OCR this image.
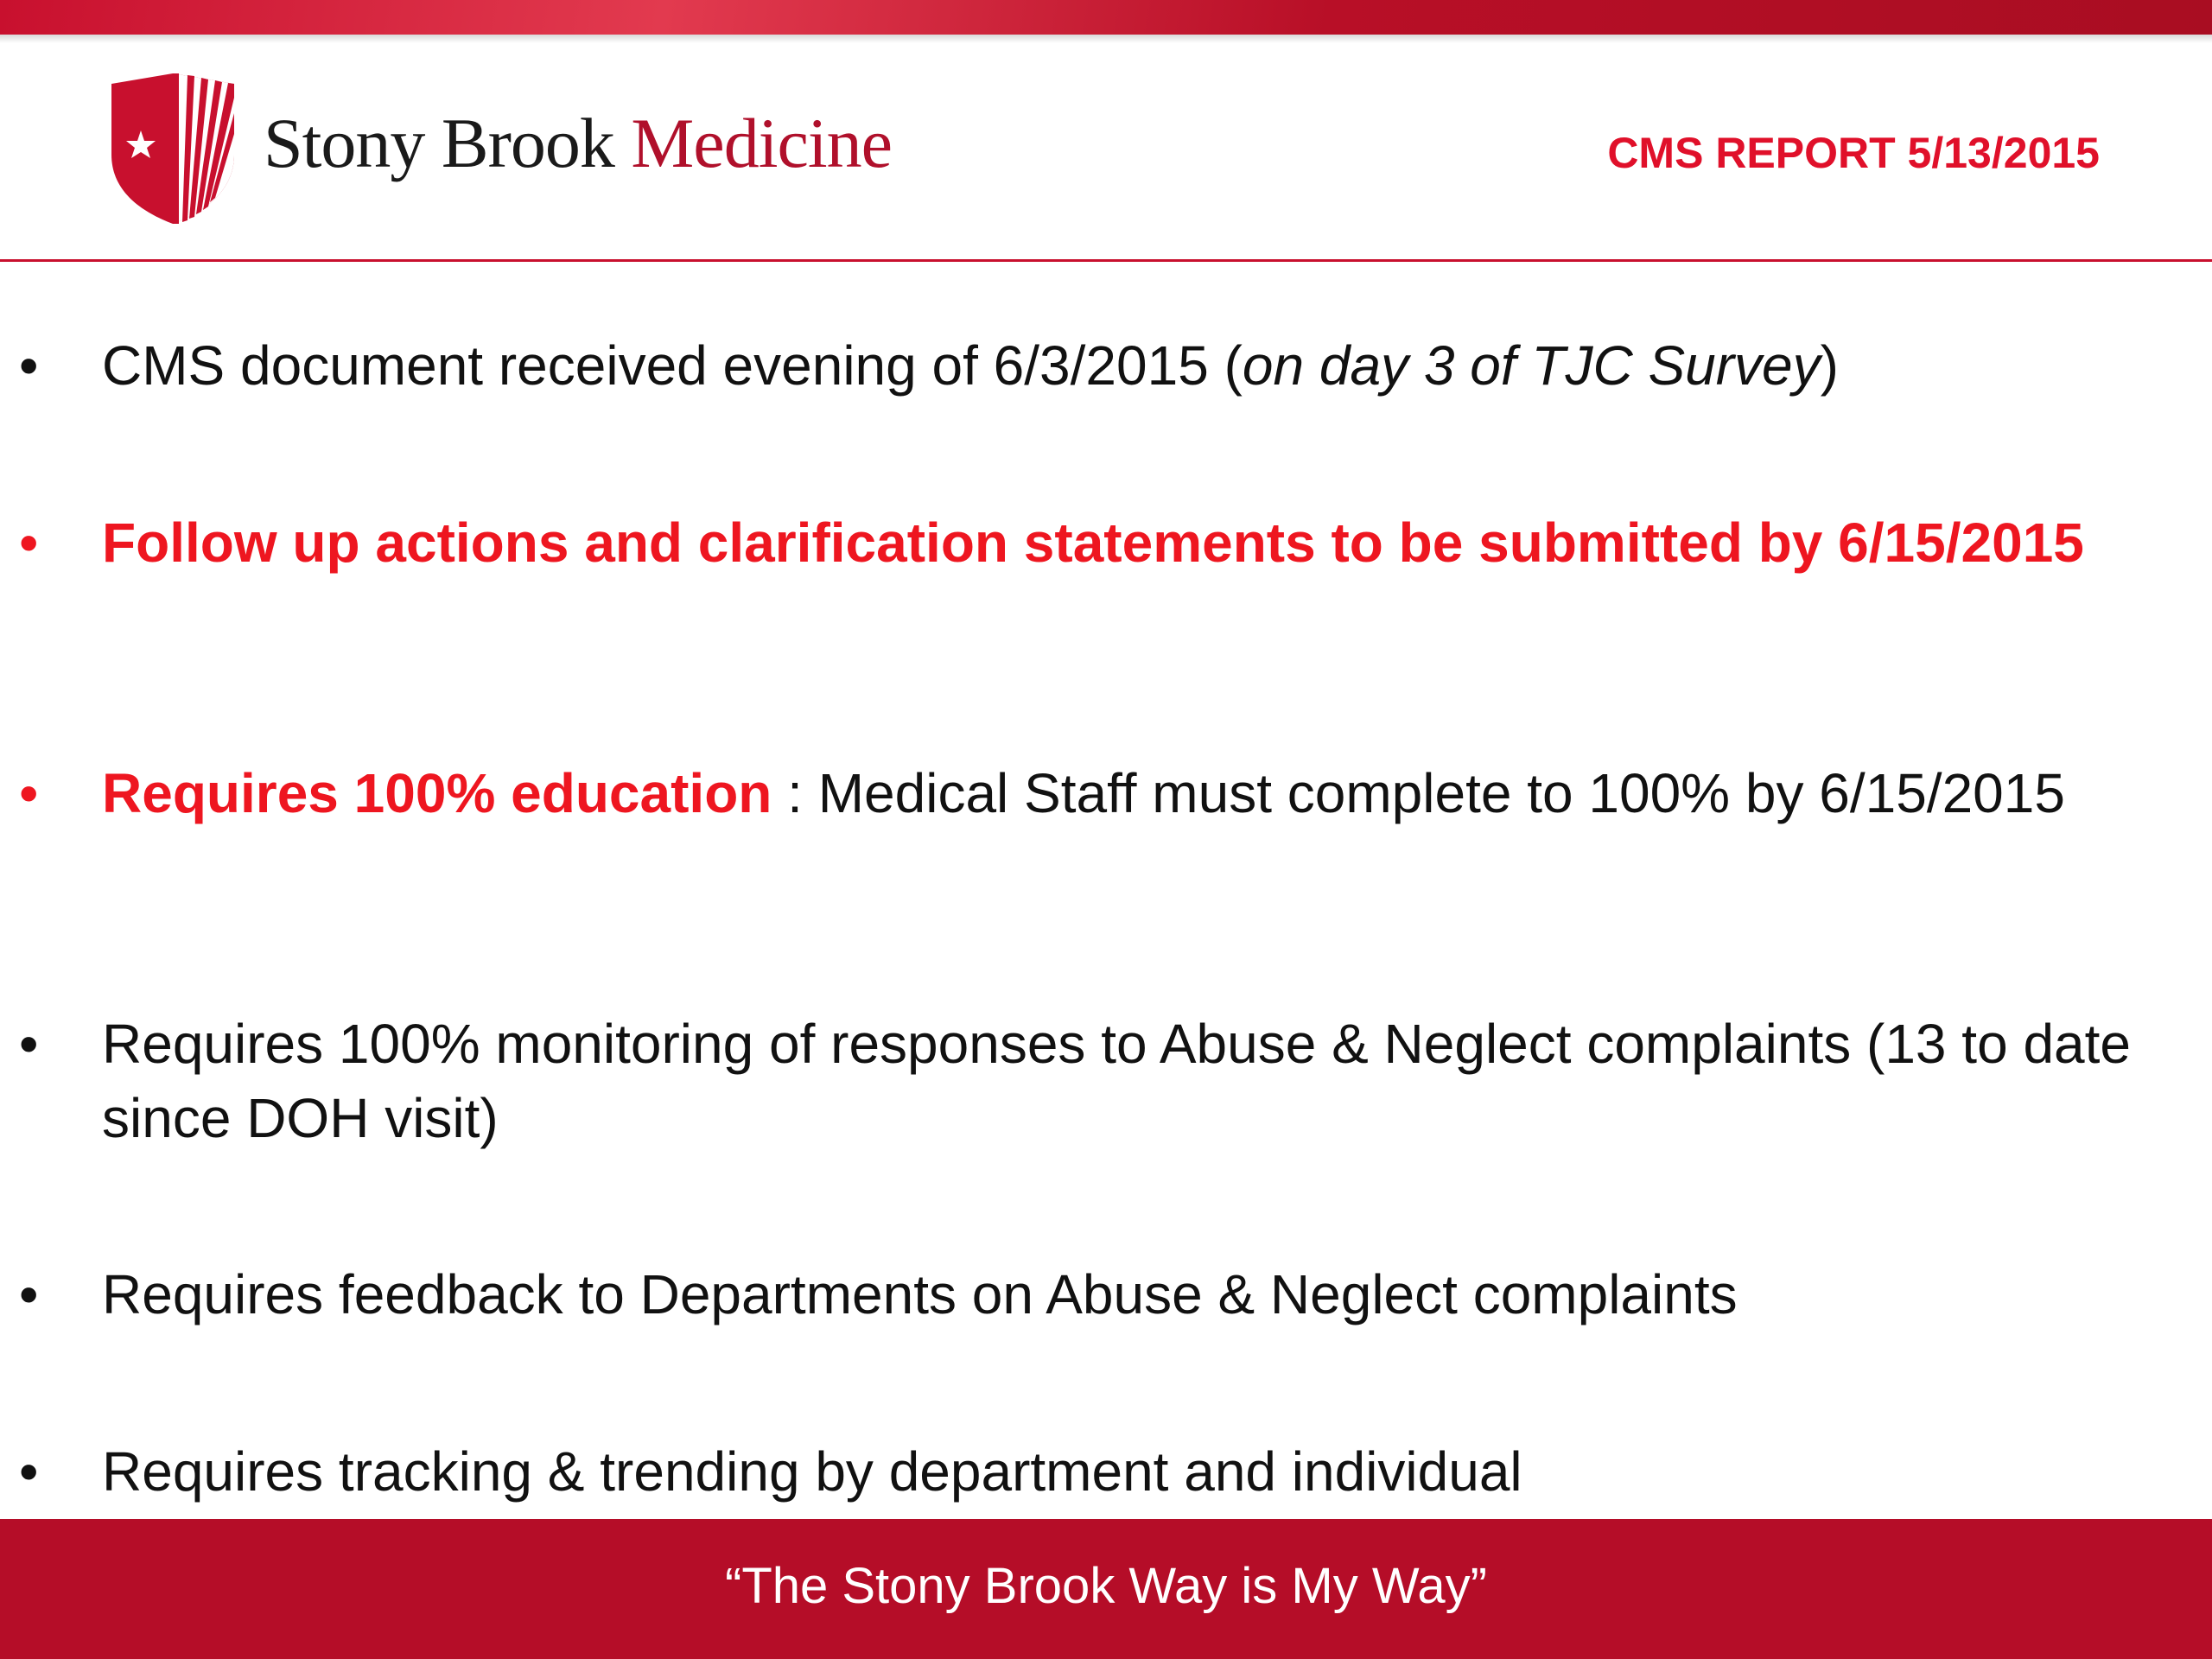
Stony Brook Medicine	CMS REPORT 5/13/2015
• CMS document received evening of 6/3/2015 (on day 3 of TJC Survey)
• Follow up actions and clarification statements to be submitted by 6/15/2015
• Requires 100% education : Medical Staff must complete to 100% by 6/15/2015
• Requires 100% monitoring of responses to Abuse & Neglect complaints (13 to date since DOH visit)
• Requires feedback to Departments on Abuse & Neglect complaints
• Requires tracking & trending by department and individual
“The Stony Brook Way is My Way”
